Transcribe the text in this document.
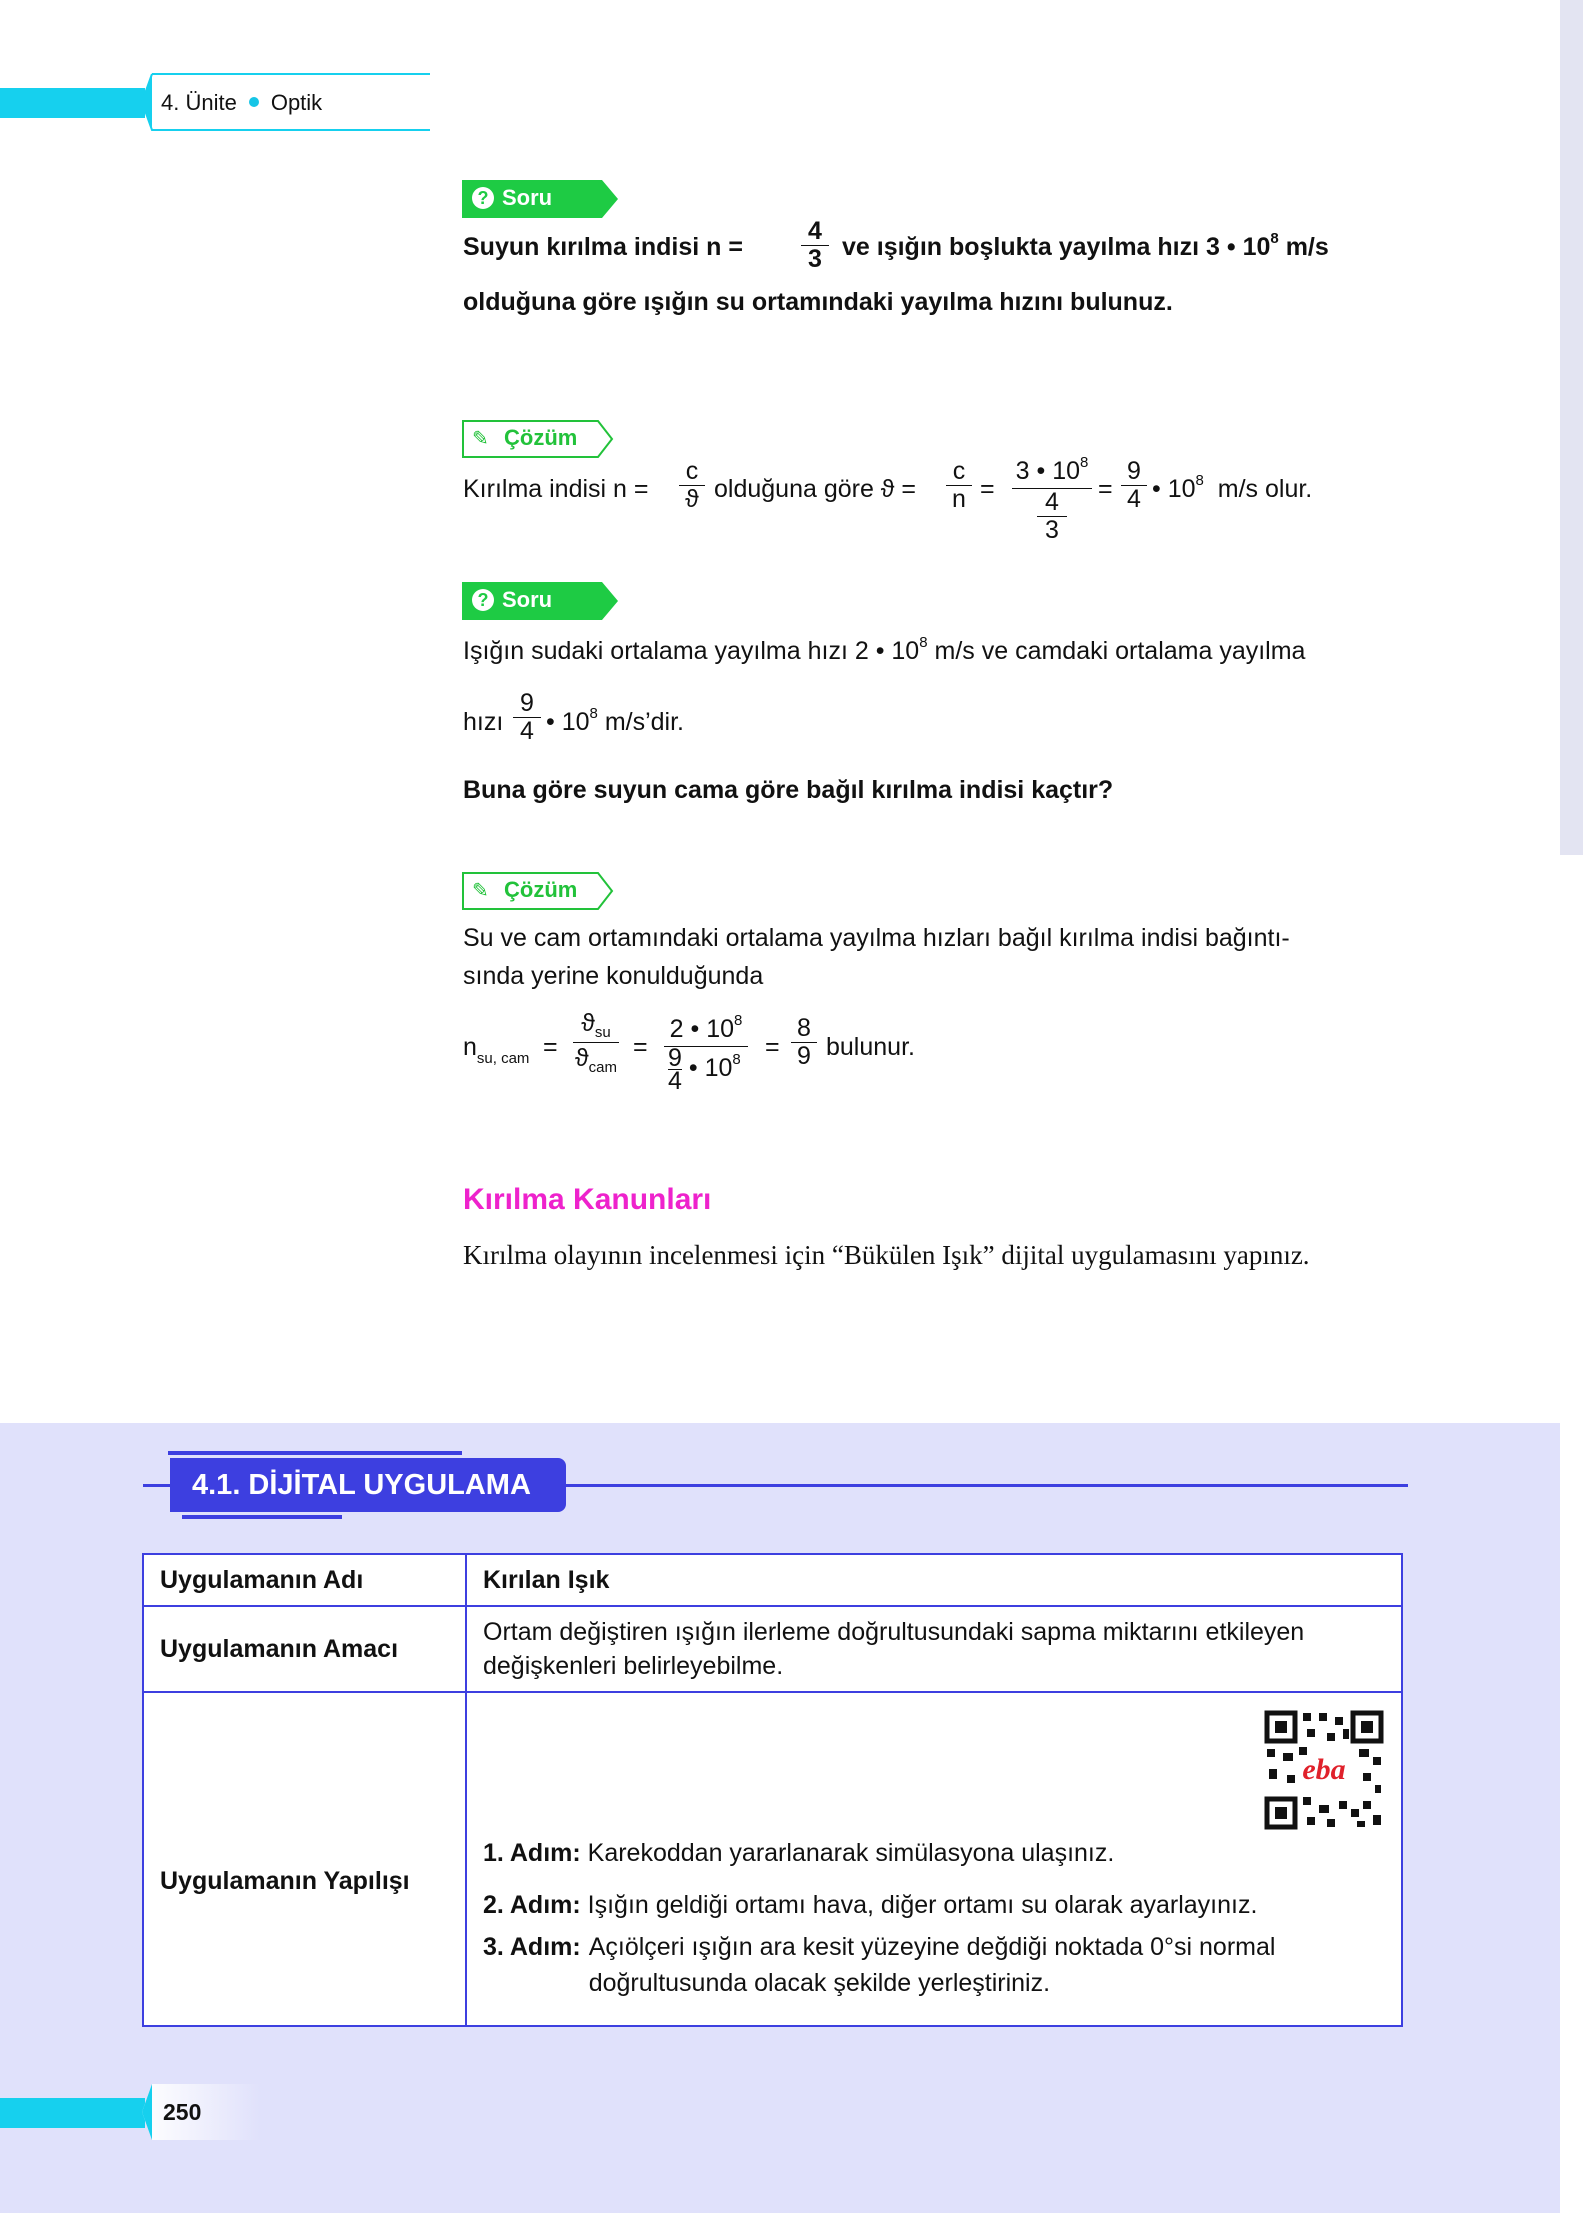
4. Ünite Optik
? Soru
Suyun kırılma indisi $n = \frac{4}{3}$ ve ışığın boşlukta yayılma hızı 3 • $10^8$ m/s
olduğuna göre ışığın su ortamındaki yayılma hızını bulunuz.
✎ Çözüm
Kırılma indisi $n = \frac{c}{ϑ}$ olduğuna göre $ϑ = \frac{c}{n}$ =
3 • $10^8$
4
3
= $\frac{9}{4}$ • $10^8$ m/s olur.
? Soru
Işığın sudaki ortalama yayılma hızı 2 • $10^8$ m/s ve camdaki ortalama yayılma
hızı $\frac{9}{4}$ • $10^8$ m/s’dir.
Buna göre suyun cama göre bağıl kırılma indisi kaçtır?
✎ Çözüm
Su ve cam ortamındaki ortalama yayılma hızları bağıl kırılma indisi bağıntı-
sında yerine konulduğunda
$n_{su, cam}$ =
$ϑ_{su}$
$ϑ_{cam}$
=
2 • $10^8$
$\frac{9}{4}$ • $10^8 = \frac{8}{9}$ bulunur.
Kırılma Kanunları
Kırılma olayının incelenmesi için “Bükülen Işık” dijital uygulamasını yapınız.
4.1. DİJİTAL UYGULAMA
Uygulamanın Adı	Kırılan Işık
Uygulamanın Amacı	Ortam değiştiren ışığın ilerleme doğrultusundaki sapma miktarını etkileyen değişkenleri belirleyebilme.
Uygulamanın Yapılışı	eba
1. Adım: Karekoddan yararlanarak simülasyona ulaşınız.
2. Adım: Işığın geldiği ortamı hava, diğer ortamı su olarak ayarlayınız.
3. Adım: Açıölçeri ışığın ara kesit yüzeyine değdiği noktada 0°si normal doğrultusunda olacak şekilde yerleştiriniz.
250
